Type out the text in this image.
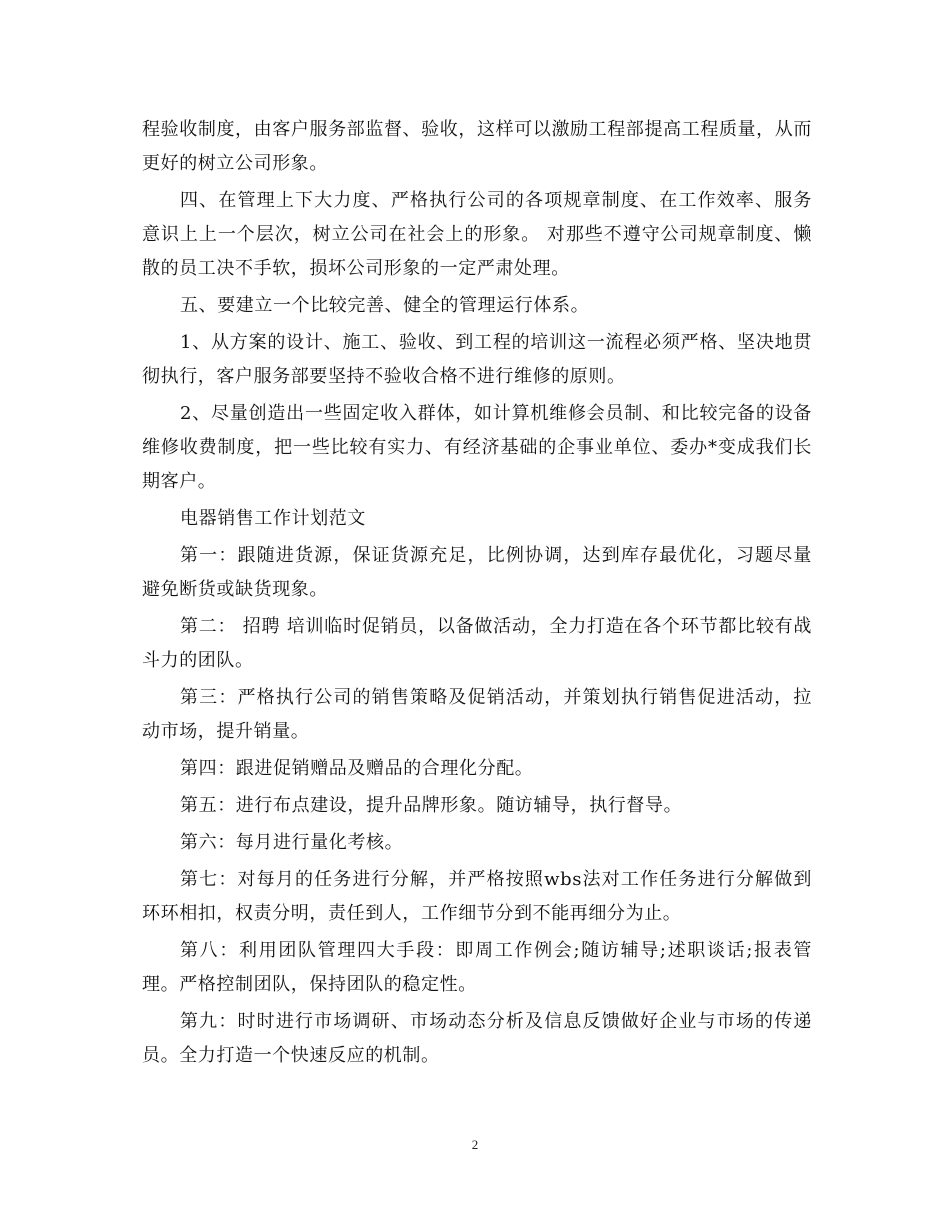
程验收制度，由客户服务部监督、验收，这样可以激励工程部提高工程质量，从而更好的树立公司形象。

四、在管理上下大力度、严格执行公司的各项规章制度、在工作效率、服务意识上上一个层次，树立公司在社会上的形象。 对那些不遵守公司规章制度、懒散的员工决不手软，损坏公司形象的一定严肃处理。

五、要建立一个比较完善、健全的管理运行体系。

1、从方案的设计、施工、验收、到工程的培训这一流程必须严格、坚决地贯彻执行，客户服务部要坚持不验收合格不进行维修的原则。

2、尽量创造出一些固定收入群体，如计算机维修会员制、和比较完备的设备维修收费制度，把一些比较有实力、有经济基础的企事业单位、委办*变成我们长期客户。

电器销售工作计划范文

第一：跟随进货源，保证货源充足，比例协调，达到库存最优化，习题尽量避免断货或缺货现象。

第二： 招聘 培训临时促销员，以备做活动，全力打造在各个环节都比较有战斗力的团队。

第三：严格执行公司的销售策略及促销活动，并策划执行销售促进活动，拉动市场，提升销量。

第四：跟进促销赠品及赠品的合理化分配。

第五：进行布点建设，提升品牌形象。随访辅导，执行督导。

第六：每月进行量化考核。

第七：对每月的任务进行分解，并严格按照wbs法对工作任务进行分解做到环环相扣，权责分明，责任到人，工作细节分到不能再细分为止。

第八：利用团队管理四大手段：即周工作例会;随访辅导;述职谈话;报表管理。严格控制团队，保持团队的稳定性。

第九：时时进行市场调研、市场动态分析及信息反馈做好企业与市场的传递员。全力打造一个快速反应的机制。

2
